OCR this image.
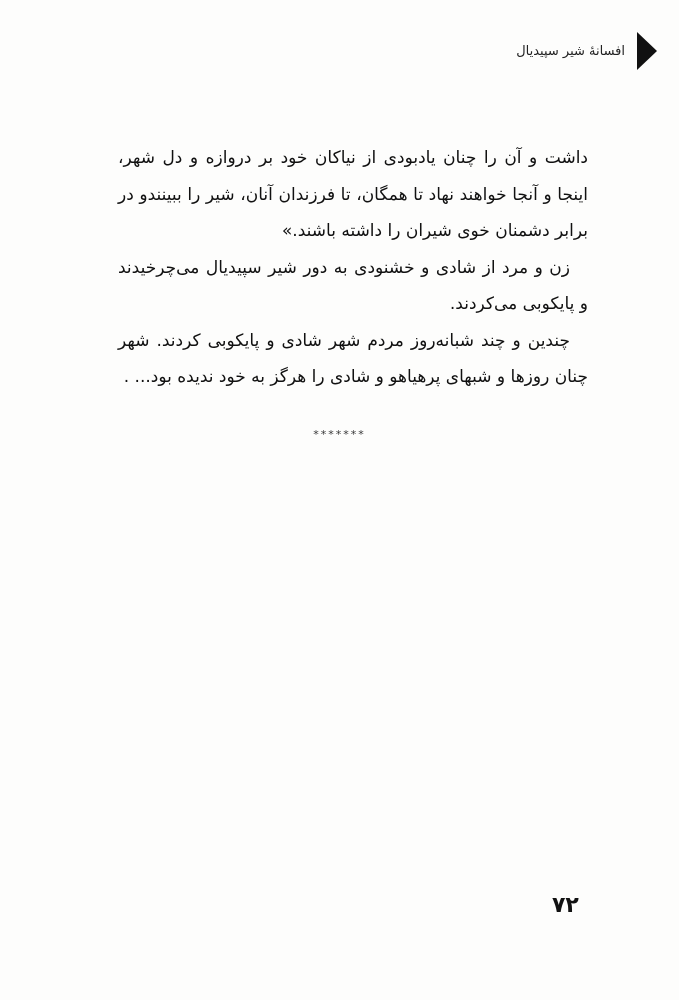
افسانهٔ شیر سپیدیال

داشت و آن را چنان یادبودی از نیاکان خود بر دروازه و دل شهر، اینجا و آنجا خواهند نهاد تا همگان، تا فرزندان آنان، شیر را ببینندو در برابر دشمنان خوی شیران را داشته باشند.»

زن و مرد از شادی و خشنودی به دور شیر سپیدیال می‌چرخیدند و پایکوبی می‌کردند.

چندین و چند شبانه‌روز مردم شهر شادی و پایکوبی کردند. شهر چنان روزها و شبهای پرهیاهو و شادی را هرگز به خود ندیده بود... .

*******
۷۲
